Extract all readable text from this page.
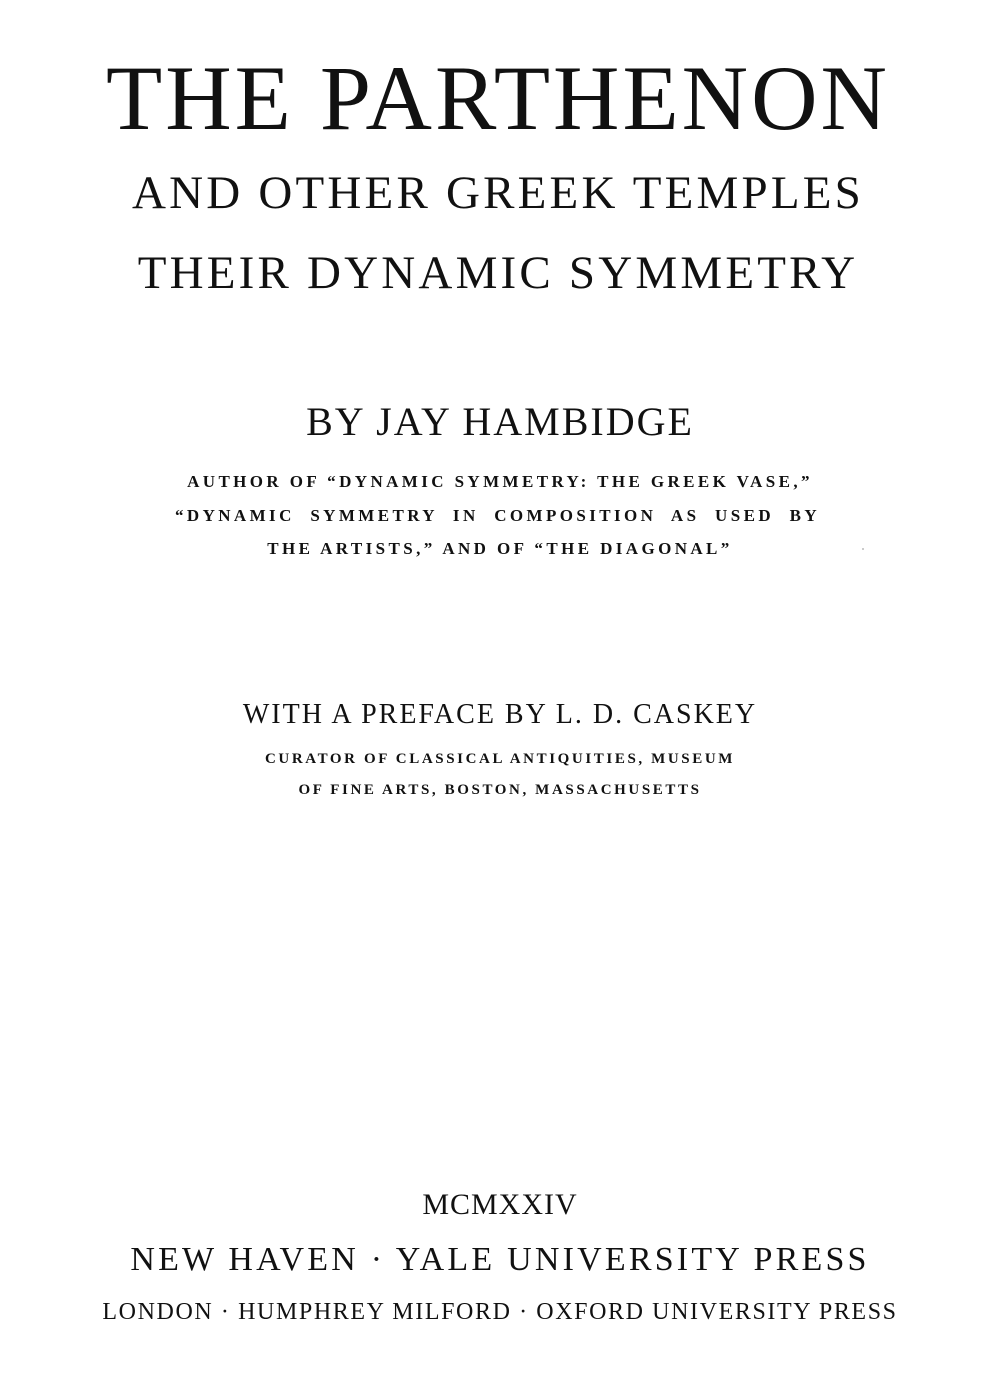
THE PARTHENON
AND OTHER GREEK TEMPLES
THEIR DYNAMIC SYMMETRY
BY JAY HAMBIDGE
AUTHOR OF “DYNAMIC SYMMETRY: THE GREEK VASE,”
“DYNAMIC SYMMETRY IN COMPOSITION AS USED BY
THE ARTISTS,” AND OF “THE DIAGONAL”
WITH A PREFACE BY L. D. CASKEY
CURATOR OF CLASSICAL ANTIQUITIES, MUSEUM
OF FINE ARTS, BOSTON, MASSACHUSETTS
MCMXXIV
NEW HAVEN · YALE UNIVERSITY PRESS
LONDON · HUMPHREY MILFORD · OXFORD UNIVERSITY PRESS
